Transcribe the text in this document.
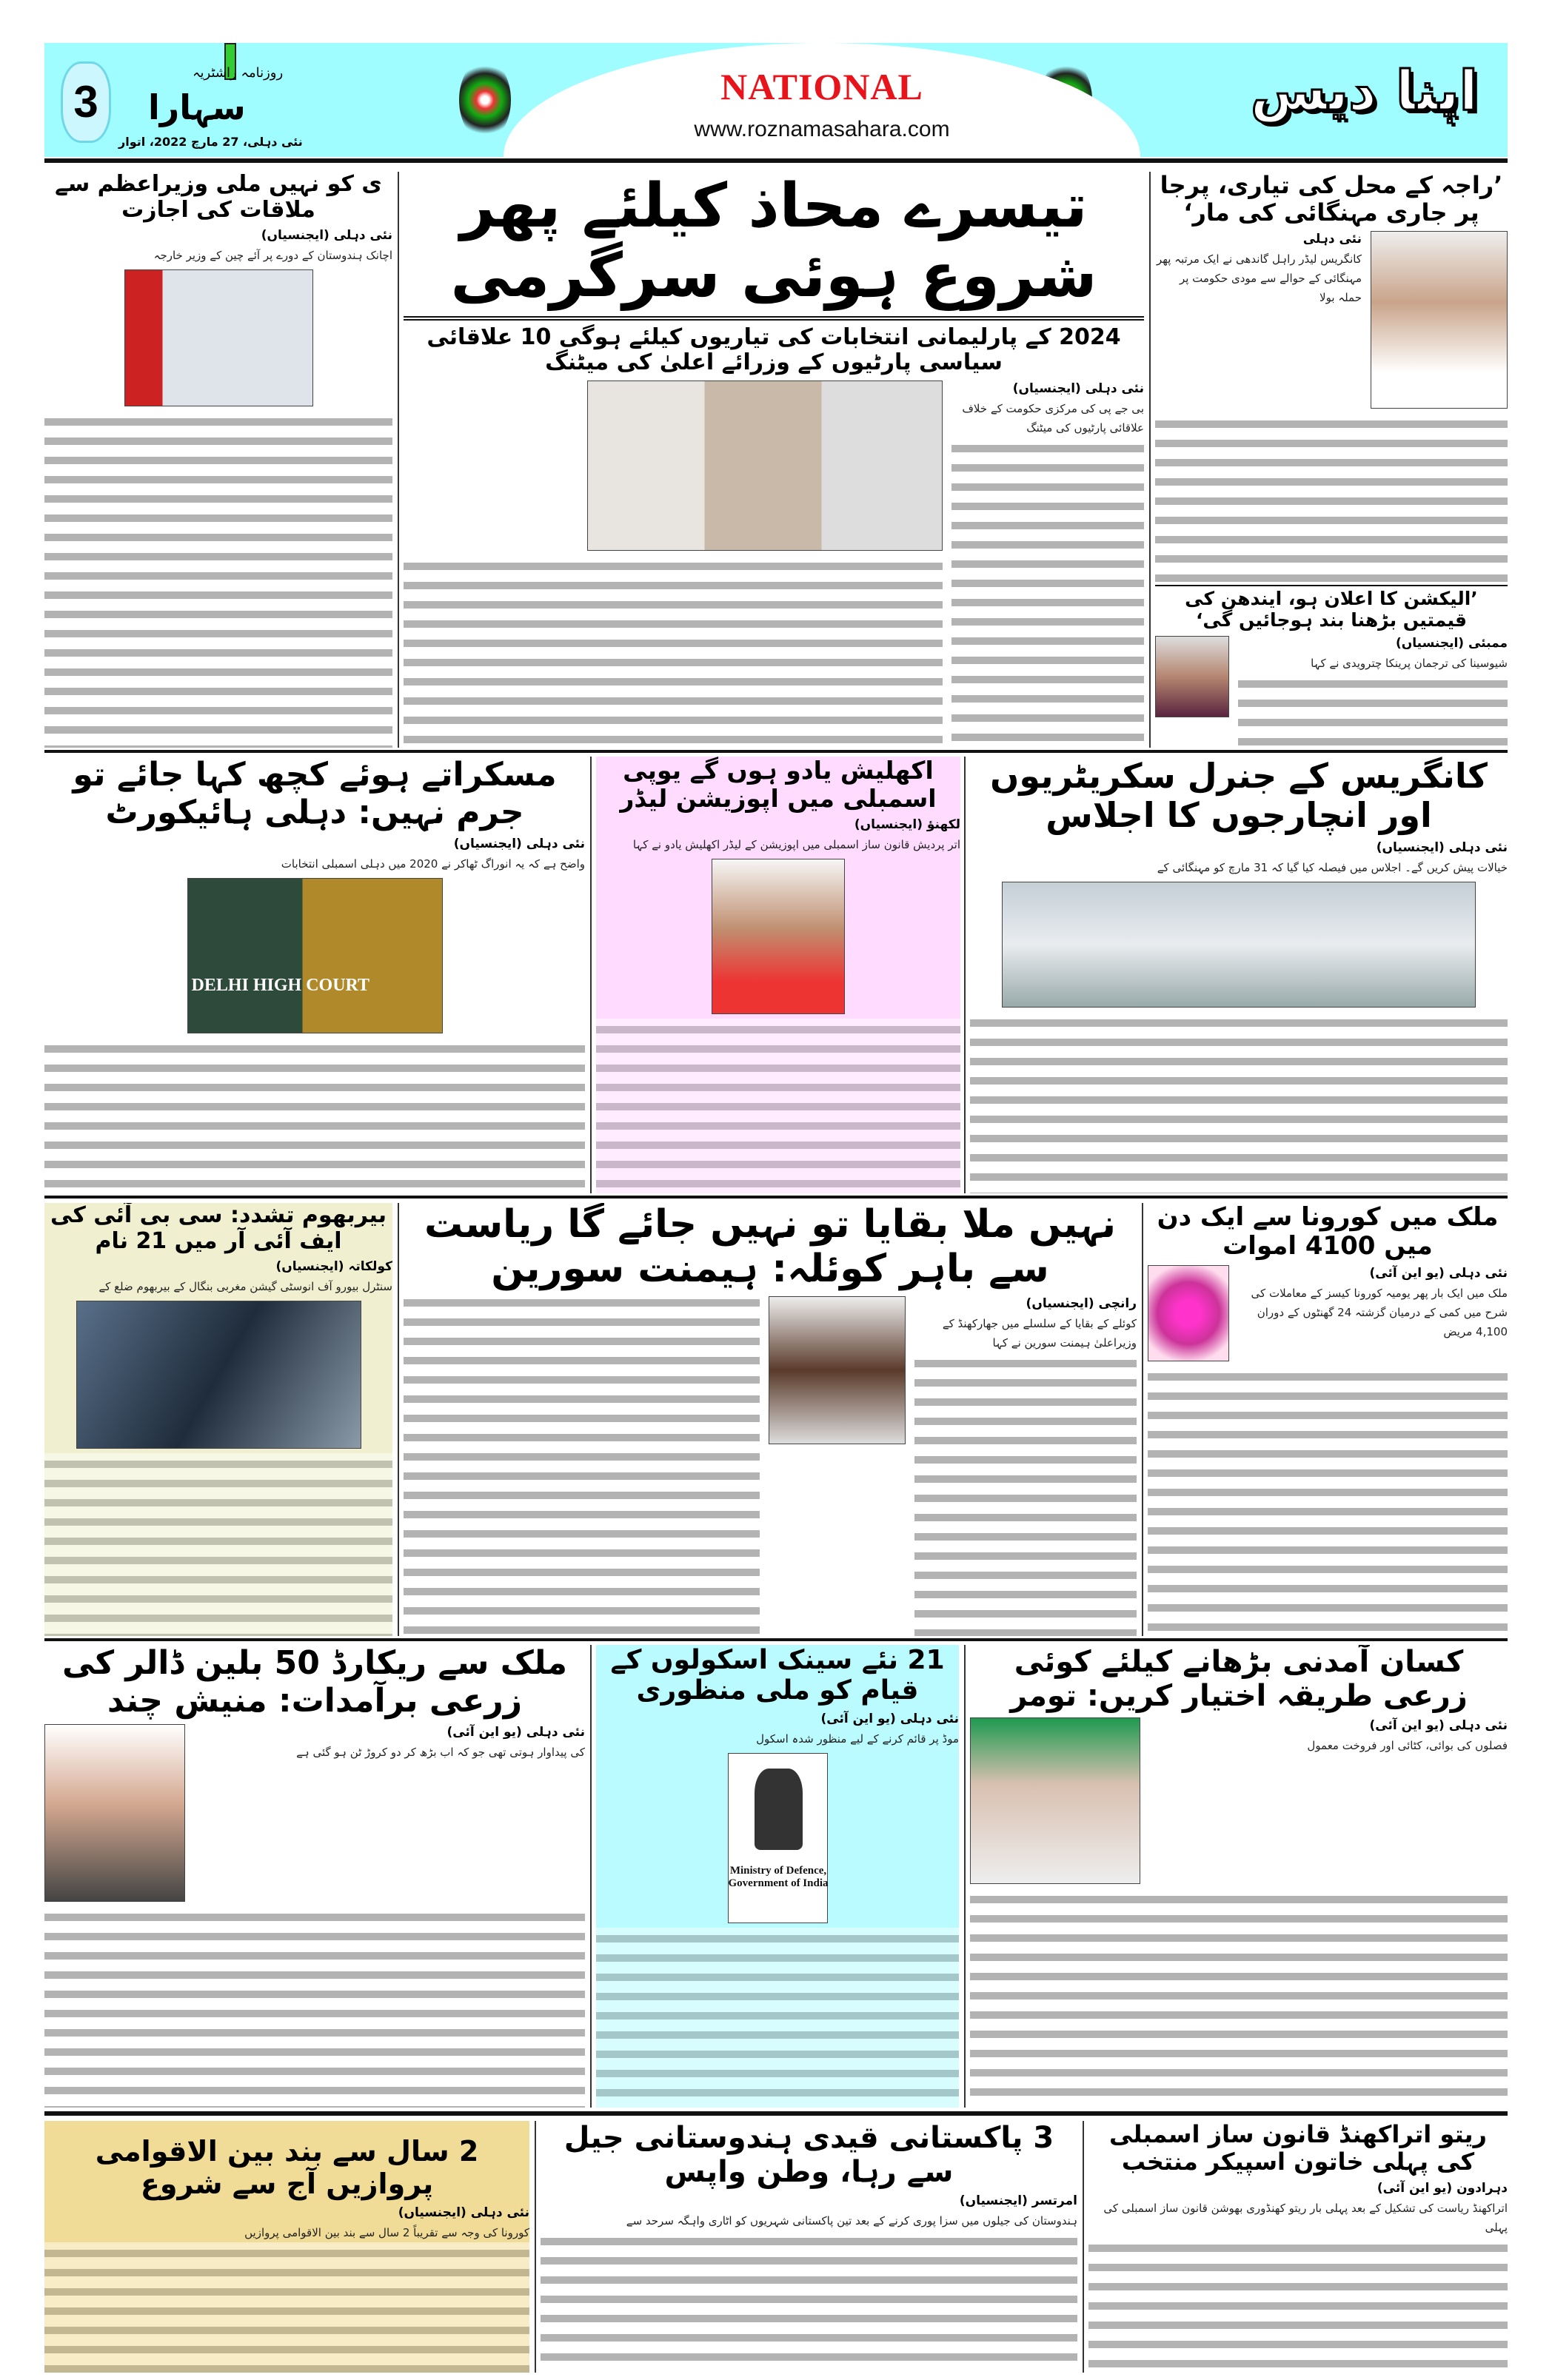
3
روزنامہ راشٹریہ
سہارا
نئی دہلی، 27 مارچ 2022، اتوار
NATIONAL
www.roznamasahara.com
اپنا دیس
’راجہ کے محل کی تیاری، پرجا پر جاری مہنگائی کی مار‘
نئی دہلی
کانگریس لیڈر راہل گاندھی نے ایک مرتبہ پھر مہنگائی کے حوالے سے مودی حکومت پر حملہ بولا
’الیکشن کا اعلان ہو، ایندھن کی قیمتیں بڑھنا بند ہوجائیں گی‘
ممبئی (ایجنسیاں)
شیوسینا کی ترجمان پرینکا چترویدی نے کہا
تیسرے محاذ کیلئے پھر شروع ہوئی سرگرمی
2024 کے پارلیمانی انتخابات کی تیاریوں کیلئے ہوگی 10 علاقائی سیاسی پارٹیوں کے وزرائے اعلیٰ کی میٹنگ
نئی دہلی (ایجنسیاں)
بی جے پی کی مرکزی حکومت کے خلاف علاقائی پارٹیوں کی میٹنگ
ی کو نہیں ملی وزیراعظم سے ملاقات کی اجازت
نئی دہلی (ایجنسیاں)
اچانک ہندوستان کے دورے پر آئے چین کے وزیر خارجہ
کانگریس کے جنرل سکریٹریوں اور انچارجوں کا اجلاس
نئی دہلی (ایجنسیاں)
خیالات پیش کریں گے۔ اجلاس میں فیصلہ کیا گیا کہ 31 مارچ کو مہنگائی کے
اکھلیش یادو ہوں گے یوپی اسمبلی میں اپوزیشن لیڈر
لکھنؤ (ایجنسیاں)
اتر پردیش قانون ساز اسمبلی میں اپوزیشن کے لیڈر اکھلیش یادو نے کہا
مسکراتے ہوئے کچھ کہا جائے تو جرم نہیں: دہلی ہائیکورٹ
نئی دہلی (ایجنسیاں)
واضح ہے کہ یہ انوراگ ٹھاکر نے 2020 میں دہلی اسمبلی انتخابات
DELHI HIGH COURT
ملک میں کورونا سے ایک دن میں 4100 اموات
نئی دہلی (یو این آئی)
ملک میں ایک بار پھر یومیہ کورونا کیسز کے معاملات کی شرح میں کمی کے درمیان گزشتہ 24 گھنٹوں کے دوران 4,100 مریض
نہیں ملا بقایا تو نہیں جائے گا ریاست سے باہر کوئلہ: ہیمنت سورین
رانچی (ایجنسیاں)
کوئلے کے بقایا کے سلسلے میں جھارکھنڈ کے وزیراعلیٰ ہیمنت سورین نے کہا
بیربھوم تشدد: سی بی آئی کی ایف آئی آر میں 21 نام
کولکاتہ (ایجنسیاں)
سنٹرل بیورو آف انوسٹی گیشن مغربی بنگال کے بیربھوم ضلع کے
کسان آمدنی بڑھانے کیلئے کوئی زرعی طریقہ اختیار کریں: تومر
نئی دہلی (یو این آئی)
فصلوں کی بوائی، کٹائی اور فروخت معمول
21 نئے سینک اسکولوں کے قیام کو ملی منظوری
نئی دہلی (یو این آئی)
موڈ پر قائم کرنے کے لیے منظور شدہ اسکول
Ministry of Defence, Government of India
ملک سے ریکارڈ 50 بلین ڈالر کی زرعی برآمدات: منیش چند
نئی دہلی (یو این آئی)
کی پیداوار ہوتی تھی جو کہ اب بڑھ کر دو کروڑ ٹن ہو گئی ہے
ریتو اتراکھنڈ قانون ساز اسمبلی کی پہلی خاتون اسپیکر منتخب
دہرادون (یو این آئی)
اتراکھنڈ ریاست کی تشکیل کے بعد پہلی بار ریتو کھنڈوری بھوشن قانون ساز اسمبلی کی پہلی
3 پاکستانی قیدی ہندوستانی جیل سے رہا، وطن واپس
امرتسر (ایجنسیاں)
ہندوستان کی جیلوں میں سزا پوری کرنے کے بعد تین پاکستانی شہریوں کو اٹاری واہگہ سرحد سے
2 سال سے بند بین الاقوامی پروازیں آج سے شروع
نئی دہلی (ایجنسیاں)
کورونا کی وجہ سے تقریباً 2 سال سے بند بین الاقوامی پروازیں
